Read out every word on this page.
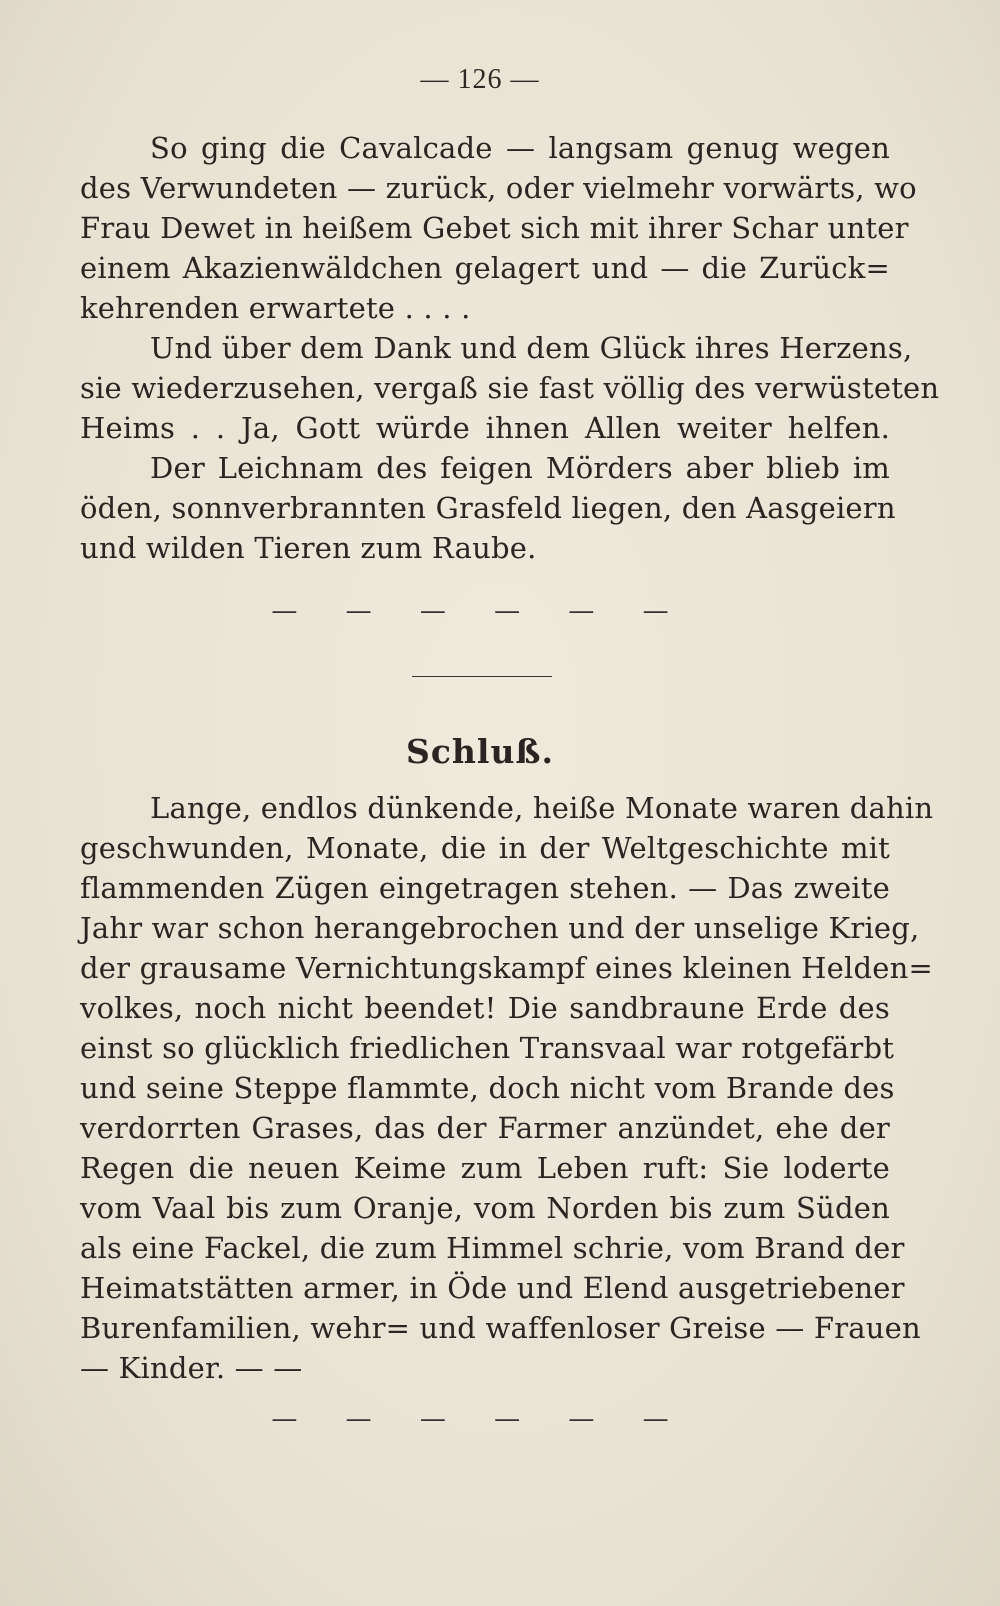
— 126 —
So ging die Cavalcade — langsam genug wegen
des Verwundeten — zurück, oder vielmehr vorwärts, wo
Frau Dewet in heißem Gebet sich mit ihrer Schar unter
einem Akazienwäldchen gelagert und — die Zurück=
kehrenden erwartete . . . .
Und über dem Dank und dem Glück ihres Herzens,
sie wiederzusehen, vergaß sie fast völlig des verwüsteten
Heims . . Ja, Gott würde ihnen Allen weiter helfen.
Der Leichnam des feigen Mörders aber blieb im
öden, sonnverbrannten Grasfeld liegen, den Aasgeiern
und wilden Tieren zum Raube.
— — — — — —
Schluß.
Lange, endlos dünkende, heiße Monate waren dahin
geschwunden, Monate, die in der Weltgeschichte mit
flammenden Zügen eingetragen stehen. — Das zweite
Jahr war schon herangebrochen und der unselige Krieg,
der grausame Vernichtungskampf eines kleinen Helden=
volkes, noch nicht beendet! Die sandbraune Erde des
einst so glücklich friedlichen Transvaal war rotgefärbt
und seine Steppe flammte, doch nicht vom Brande des
verdorrten Grases, das der Farmer anzündet, ehe der
Regen die neuen Keime zum Leben ruft: Sie loderte
vom Vaal bis zum Oranje, vom Norden bis zum Süden
als eine Fackel, die zum Himmel schrie, vom Brand der
Heimatstätten armer, in Öde und Elend ausgetriebener
Burenfamilien, wehr= und waffenloser Greise — Frauen
— Kinder. — —
— — — — — —
